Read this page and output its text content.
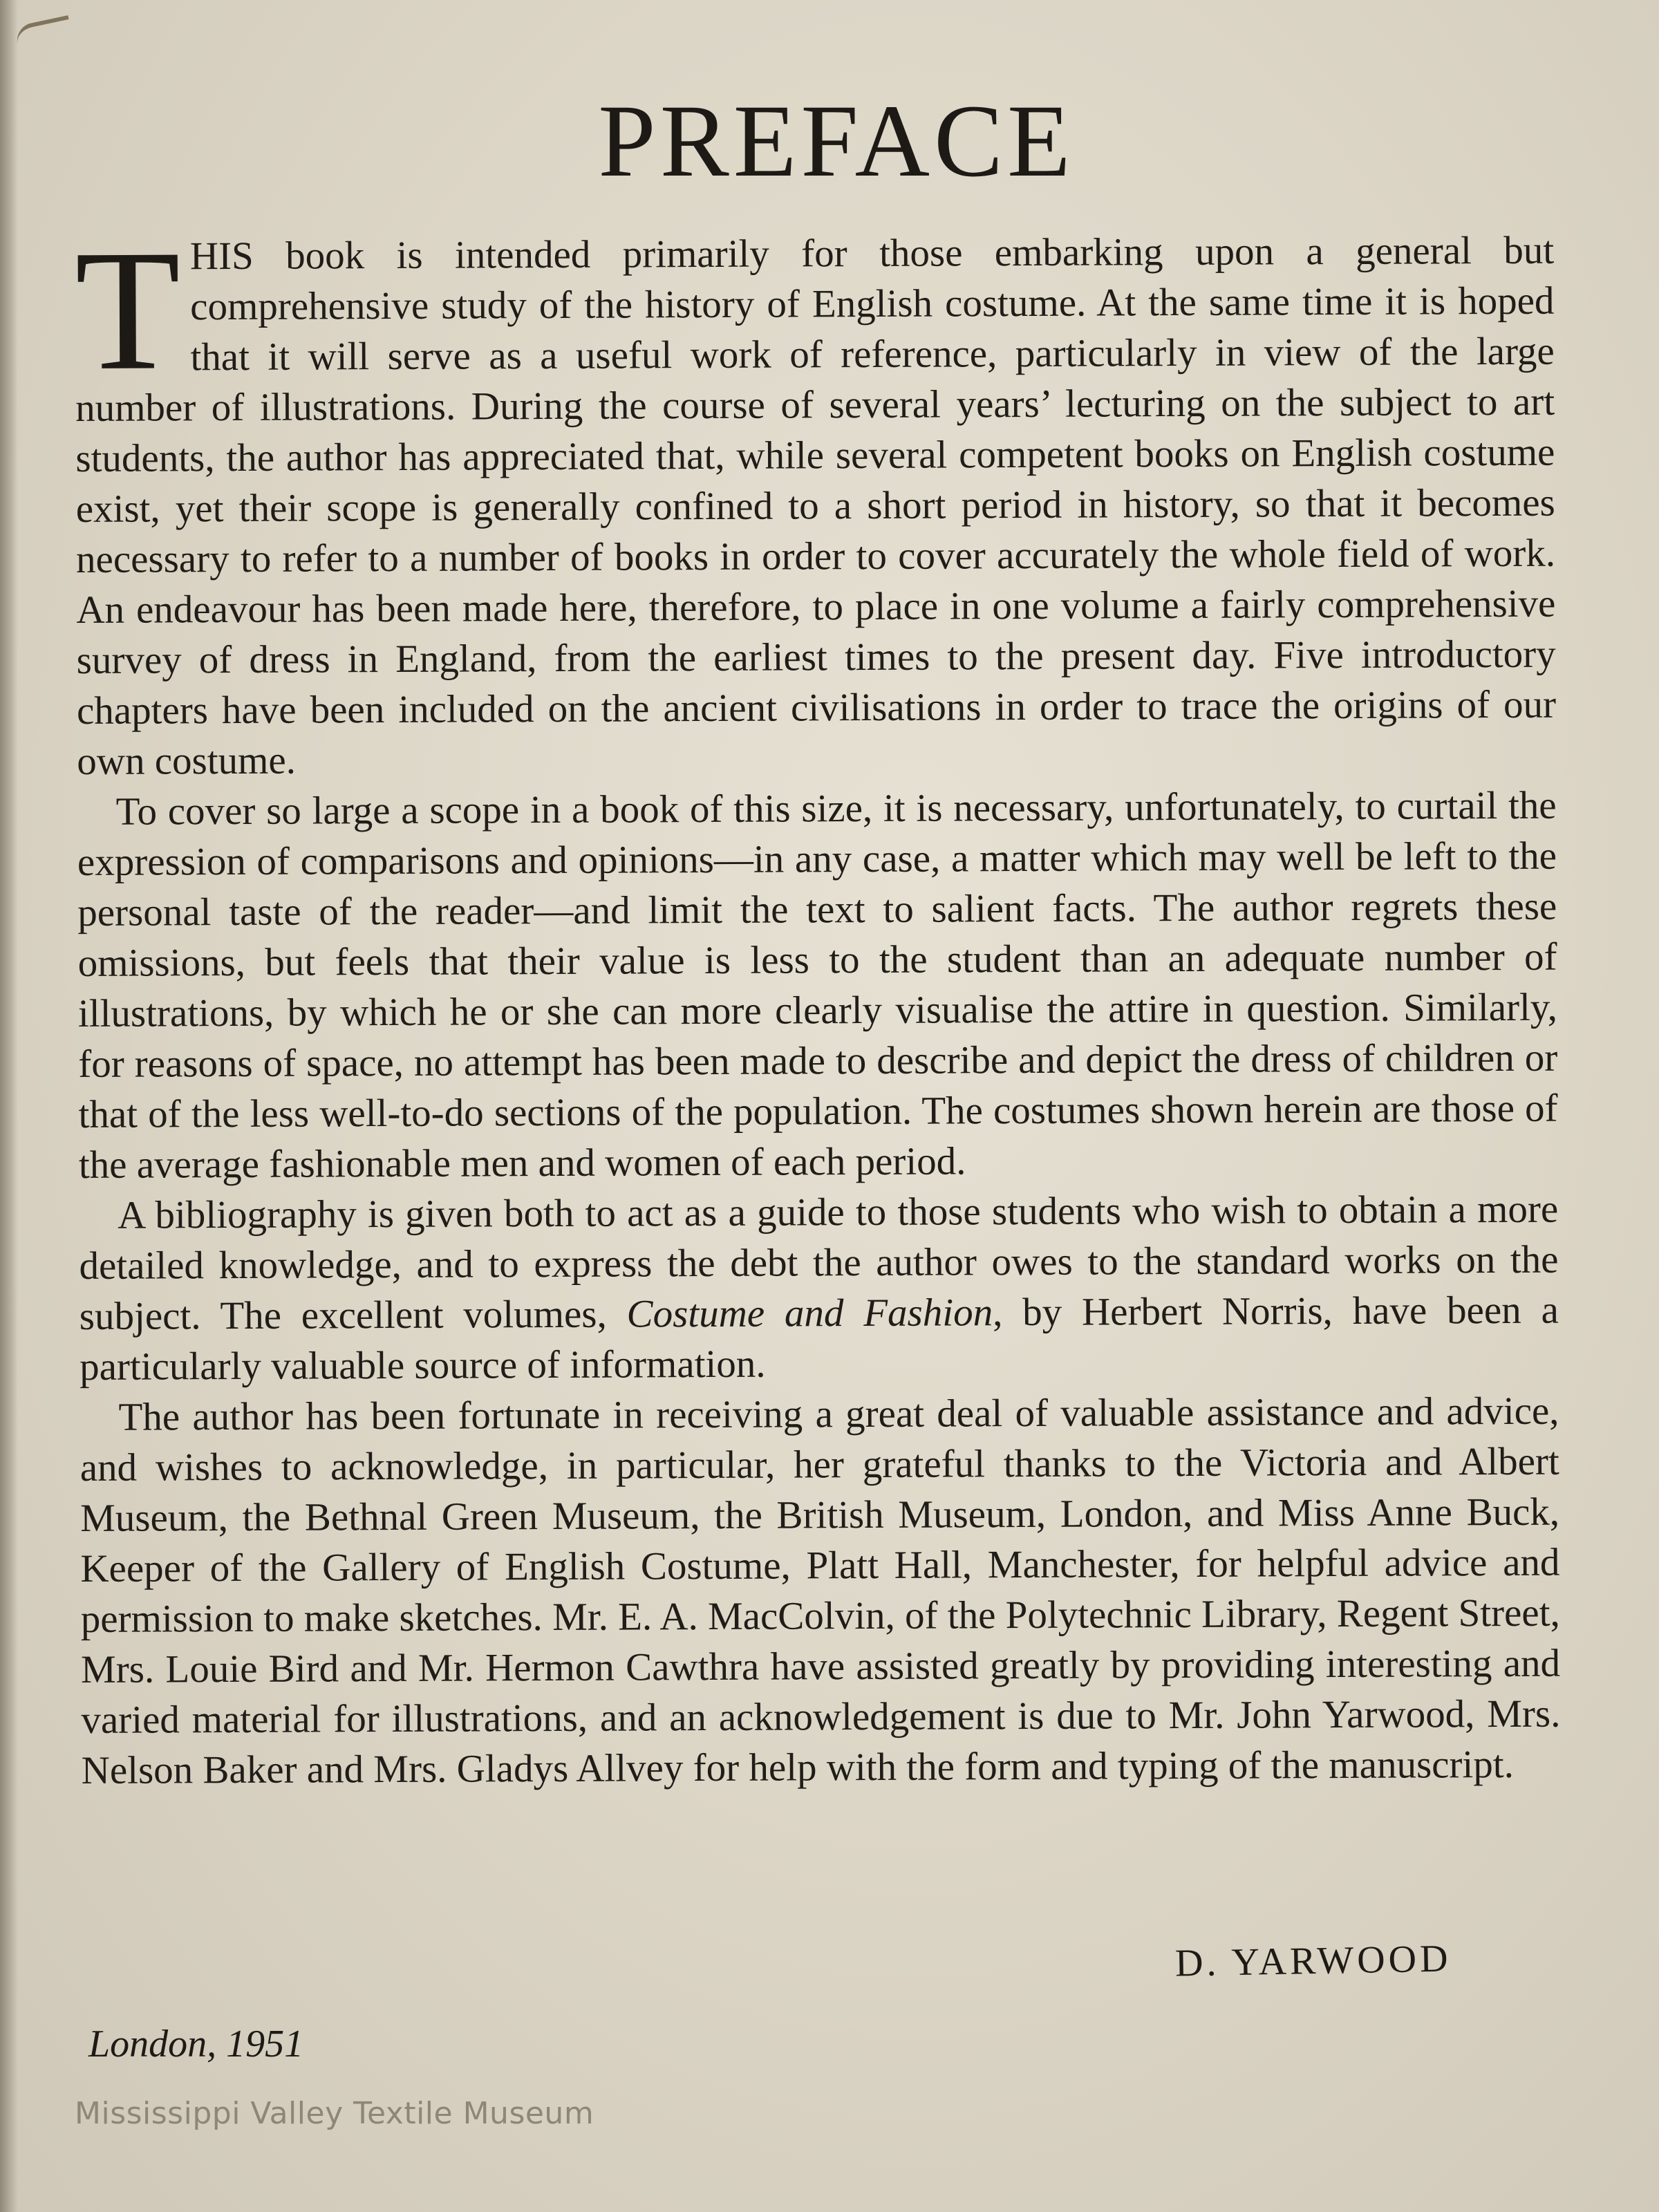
PREFACE

THIS book is intended primarily for those embarking upon a general but comprehensive study of the history of English costume. At the same time it is hoped that it will serve as a useful work of reference, particularly in view of the large number of illustrations. During the course of several years’ lecturing on the subject to art students, the author has appreciated that, while several competent books on English costume exist, yet their scope is generally confined to a short period in history, so that it becomes necessary to refer to a number of books in order to cover accurately the whole field of work. An endeavour has been made here, therefore, to place in one volume a fairly comprehensive survey of dress in England, from the earliest times to the present day. Five introductory chapters have been included on the ancient civilisations in order to trace the origins of our own costume.

To cover so large a scope in a book of this size, it is necessary, unfortunately, to curtail the expression of comparisons and opinions—in any case, a matter which may well be left to the personal taste of the reader—and limit the text to salient facts. The author regrets these omissions, but feels that their value is less to the student than an adequate number of illustrations, by which he or she can more clearly visualise the attire in question. Similarly, for reasons of space, no attempt has been made to describe and depict the dress of children or that of the less well-to-do sections of the population. The costumes shown herein are those of the average fashionable men and women of each period.

A bibliography is given both to act as a guide to those students who wish to obtain a more detailed knowledge, and to express the debt the author owes to the standard works on the subject. The excellent volumes, Costume and Fashion, by Herbert Norris, have been a particularly valuable source of information.

The author has been fortunate in receiving a great deal of valuable assistance and advice, and wishes to acknowledge, in particular, her grateful thanks to the Victoria and Albert Museum, the Bethnal Green Museum, the British Museum, London, and Miss Anne Buck, Keeper of the Gallery of English Costume, Platt Hall, Manchester, for helpful advice and permission to make sketches. Mr. E. A. MacColvin, of the Polytechnic Library, Regent Street, Mrs. Louie Bird and Mr. Hermon Cawthra have assisted greatly by providing interesting and varied material for illustrations, and an acknowledgement is due to Mr. John Yarwood, Mrs. Nelson Baker and Mrs. Gladys Allvey for help with the form and typing of the manuscript.

D. YARWOOD
London, 1951
Mississippi Valley Textile Museum
